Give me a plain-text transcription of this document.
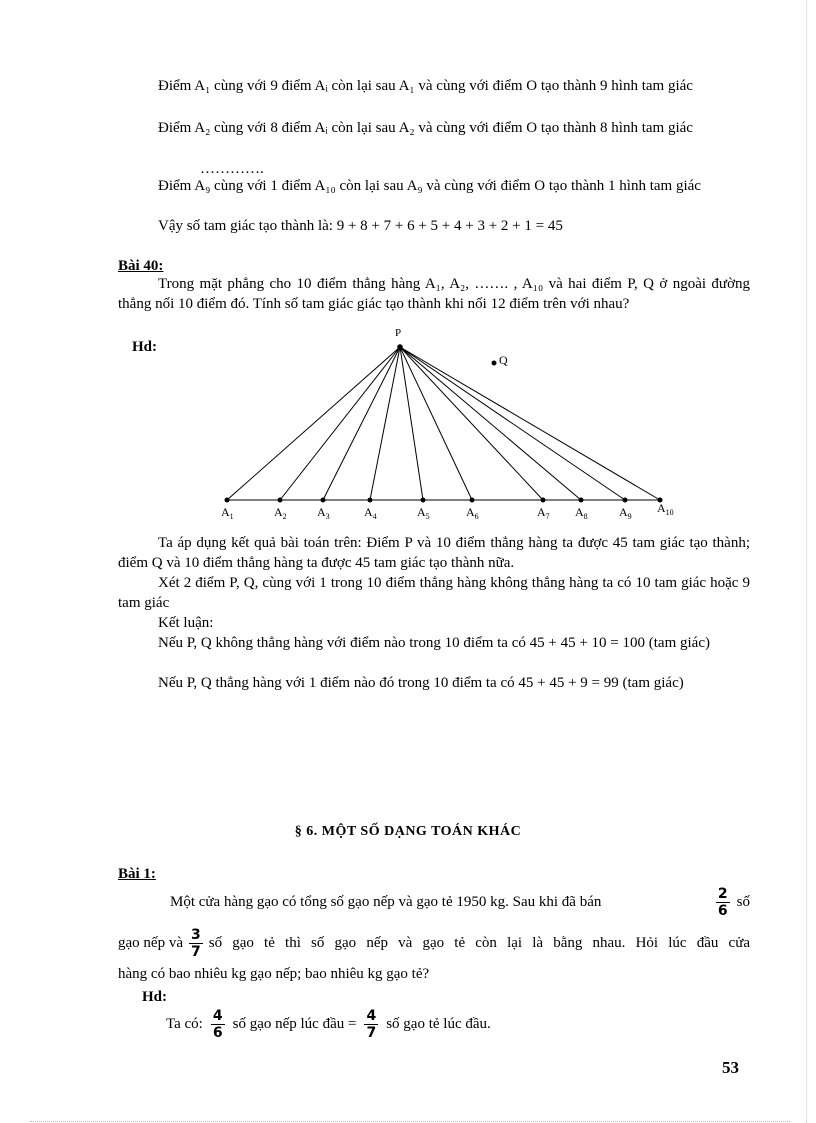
Điểm A₁ cùng với 9 điểm Aᵢ còn lại sau A₁ và cùng với điểm O tạo thành 9 hình tam giác

Điểm A₂ cùng với 8 điểm Aᵢ còn lại sau A₂ và cùng với điểm O tạo thành 8 hình tam giác

………….

Điểm A₉ cùng với 1 điểm A₁₀ còn lại sau A₉ và cùng với điểm O tạo thành 1 hình tam giác

Vậy số tam giác tạo thành là: 9 + 8 + 7 + 6 + 5 + 4 + 3 + 2 + 1 = 45

Bài 40:

Trong mặt phẳng cho 10 điểm thẳng hàng A₁, A₂, ……. , A₁₀ và hai điểm P, Q ở ngoài đường thẳng nối 10 điểm đó. Tính số tam giác giác tạo thành khi nối 12 điểm trên với nhau?

Hd:

$A_1$	$A_2$	$A_3$	$A_4$	$A_5$	$A_6$	$A_7$ $A_8$	$A_9$
$A_{10}$
P
Q

Ta áp dụng kết quả bài toán trên: Điểm P và 10 điểm thẳng hàng ta được 45 tam giác tạo thành; điểm Q và 10 điểm thẳng hàng ta được 45 tam giác tạo thành nữa.

Xét 2 điểm P, Q, cùng với 1 trong 10 điểm thẳng hàng không thẳng hàng ta có 10 tam giác hoặc 9 tam giác

Kết luận:

Nếu P, Q không thẳng hàng với điểm nào trong 10 điểm ta có 45 + 45 + 10 = 100 (tam giác)

Nếu P, Q thẳng hàng với 1 điểm nào đó trong 10 điểm ta có 45 + 45 + 9 = 99 (tam giác)

§ 6. MỘT SỐ DẠNG TOÁN KHÁC

Bài 1:

Một cửa hàng gạo có tổng số gạo nếp và gạo tẻ 1950 kg. Sau khi đã bán	$\frac{2}{6}$ số
gạo nếp và $\frac{3}{7}$ số gạo tẻ thì số gạo nếp và gạo tẻ còn lại là bằng nhau. Hỏi lúc đầu cửa

hàng có bao nhiêu kg gạo nếp; bao nhiêu kg gạo tẻ?

Hd:

Ta có: $\frac{4}{6}$ số gạo nếp lúc đầu = $\frac{4}{7}$ số gạo tẻ lúc đầu.
53
